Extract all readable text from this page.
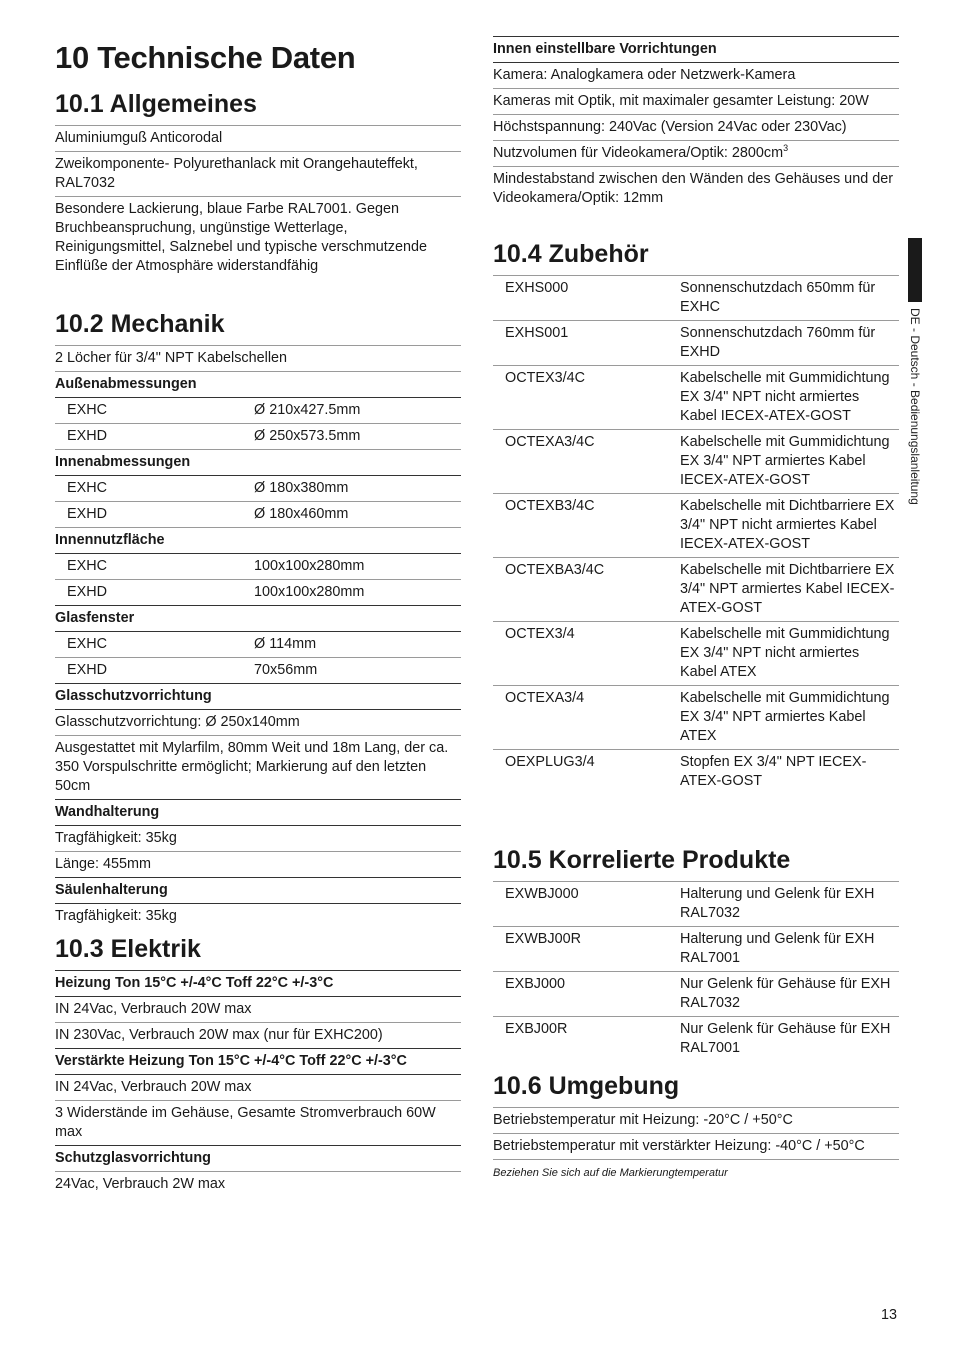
10 Technische Daten
10.1 Allgemeines
Aluminiumguß Anticorodal
Zweikomponente- Polyurethanlack mit Orangehauteffekt, RAL7032
Besondere Lackierung, blaue Farbe RAL7001. Gegen Bruchbeanspruchung, ungünstige Wetterlage, Reinigungsmittel, Salznebel und typische verschmutzende Einflüße der Atmosphäre widerstandfähig
10.2 Mechanik
2 Löcher für 3/4" NPT Kabelschellen
Außenabmessungen
EXHC	Ø 210x427.5mm
EXHD	Ø 250x573.5mm
Innenabmessungen
EXHC	Ø 180x380mm
EXHD	Ø 180x460mm
Innennutzfläche
EXHC	100x100x280mm
EXHD	100x100x280mm
Glasfenster
EXHC	Ø 114mm
EXHD	70x56mm
Glasschutzvorrichtung
Glasschutzvorrichtung: Ø 250x140mm
Ausgestattet mit Mylarfilm, 80mm Weit und 18m Lang, der ca. 350 Vorspulschritte ermöglicht; Markierung auf den letzten 50cm
Wandhalterung
Tragfähigkeit: 35kg
Länge: 455mm
Säulenhalterung
Tragfähigkeit: 35kg
10.3 Elektrik
Heizung Ton 15°C +/-4°C Toff 22°C +/-3°C
IN 24Vac, Verbrauch 20W max
IN 230Vac, Verbrauch 20W max (nur für EXHC200)
Verstärkte Heizung Ton 15°C +/-4°C Toff 22°C +/-3°C
IN 24Vac, Verbrauch 20W max
3 Widerstände im Gehäuse, Gesamte Stromverbrauch 60W max
Schutzglasvorrichtung
24Vac, Verbrauch 2W max
Innen einstellbare Vorrichtungen
Kamera: Analogkamera oder Netzwerk-Kamera
Kameras mit Optik, mit maximaler gesamter Leistung: 20W
Höchstspannung: 240Vac (Version 24Vac oder 230Vac)
Nutzvolumen für Videokamera/Optik: $2800cm^3$
Mindestabstand zwischen den Wänden des Gehäuses und der Videokamera/Optik: 12mm
10.4 Zubehör
EXHS000	Sonnenschutzdach 650mm für EXHC
EXHS001	Sonnenschutzdach 760mm für EXHD
OCTEX3/4C	Kabelschelle mit Gummidichtung EX 3/4" NPT nicht armiertes Kabel IECEX-ATEX-GOST
OCTEXA3/4C	Kabelschelle mit Gummidichtung EX 3/4" NPT armiertes Kabel IECEX-ATEX-GOST
OCTEXB3/4C	Kabelschelle mit Dichtbarriere EX 3/4" NPT nicht armiertes Kabel IECEX-ATEX-GOST
OCTEXBA3/4C	Kabelschelle mit Dichtbarriere EX 3/4" NPT armiertes Kabel IECEX-ATEX-GOST
OCTEX3/4	Kabelschelle mit Gummidichtung EX 3/4" NPT nicht armiertes Kabel ATEX
OCTEXA3/4	Kabelschelle mit Gummidichtung EX 3/4" NPT armiertes Kabel ATEX
OEXPLUG3/4	Stopfen EX 3/4" NPT IECEX-ATEX-GOST
10.5 Korrelierte Produkte
EXWBJ000	Halterung und Gelenk für EXH RAL7032
EXWBJ00R	Halterung und Gelenk für EXH RAL7001
EXBJ000	Nur Gelenk für Gehäuse für EXH RAL7032
EXBJ00R	Nur Gelenk für Gehäuse für EXH RAL7001
10.6 Umgebung
Betriebstemperatur mit Heizung: -20°C / +50°C
Betriebstemperatur mit verstärkter Heizung: -40°C / +50°C
Beziehen Sie sich auf die Markierungtemperatur
DE - Deutsch - Bedienungslanleitung
13
